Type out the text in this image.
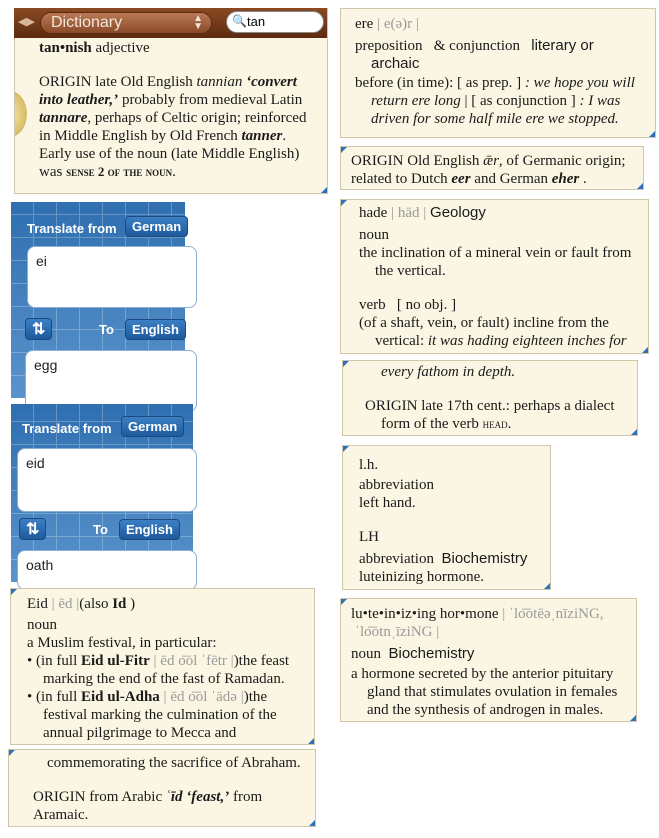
tan•nish adjective
ORIGIN late Old English tannian ‘convert
into leather,’ probably from medieval Latin
tannare, perhaps of Celtic origin; reinforced
in Middle English by Old French tanner.
Early use of the noun (late Middle English)
was sense 2 of the noun.
◀▶ Dictionary	▲
▼ 🔍
tan
Translate from	German
ei
⇅	To	English
egg
Translate from	German
eid
⇅	To	English
oath
Eid | ēd |(also Id )
noun
a Muslim festival, in particular:
• (in full Eid ul-Fitr | ēd o͞ol ˈfētr |)the feast
marking the end of the fast of Ramadan.
• (in full Eid ul-Adha | ēd o͞ol ˈädə |)the
festival marking the culmination of the
annual pilgrimage to Mecca and
commemorating the sacrifice of Abraham.
ORIGIN from Arabic ʿīd ‘feast,’ from
Aramaic.
ere | e(ə)r |
preposition & conjunction literary or
archaic
before (in time): [ as prep. ] : we hope you will
return ere long | [ as conjunction ] : I was
driven for some half mile ere we stopped.
ORIGIN Old English ǣr, of Germanic origin;
related to Dutch eer and German eher .
hade | hād | Geology
noun
the inclination of a mineral vein or fault from
the vertical.
verb [ no obj. ]
(of a shaft, vein, or fault) incline from the
vertical: it was hading eighteen inches for
every fathom in depth.
ORIGIN late 17th cent.: perhaps a dialect
form of the verb head.
l.h.
abbreviation
left hand.
LH
abbreviation Biochemistry
luteinizing hormone.
lu•te•in•iz•ing hor•mone | ˈlo͞otēəˌnīziNG,
ˈlo͞otnˌīziNG |
noun Biochemistry
a hormone secreted by the anterior pituitary
gland that stimulates ovulation in females
and the synthesis of androgen in males.
